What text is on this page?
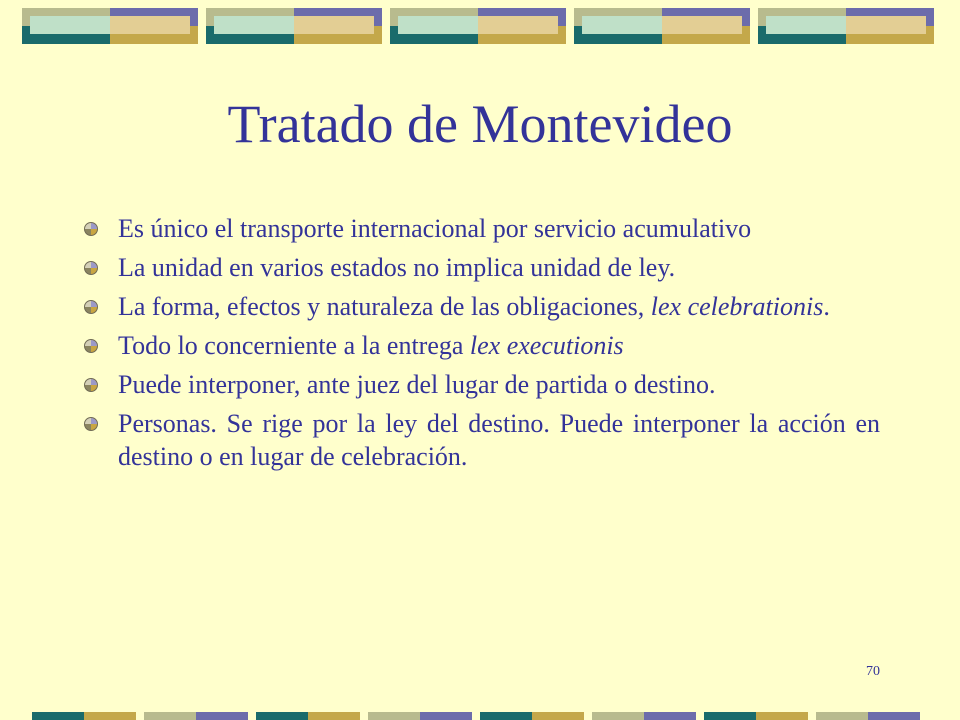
Tratado de Montevideo
Es único el transporte internacional por servicio acumulativo
La unidad en varios estados no implica unidad de ley.
La forma, efectos y naturaleza de las obligaciones, lex celebrationis.
Todo lo concerniente a la entrega lex executionis
Puede interponer, ante juez del lugar de partida o destino.
Personas. Se rige por la ley del destino. Puede interponer la acción en destino o en lugar de celebración.
70
